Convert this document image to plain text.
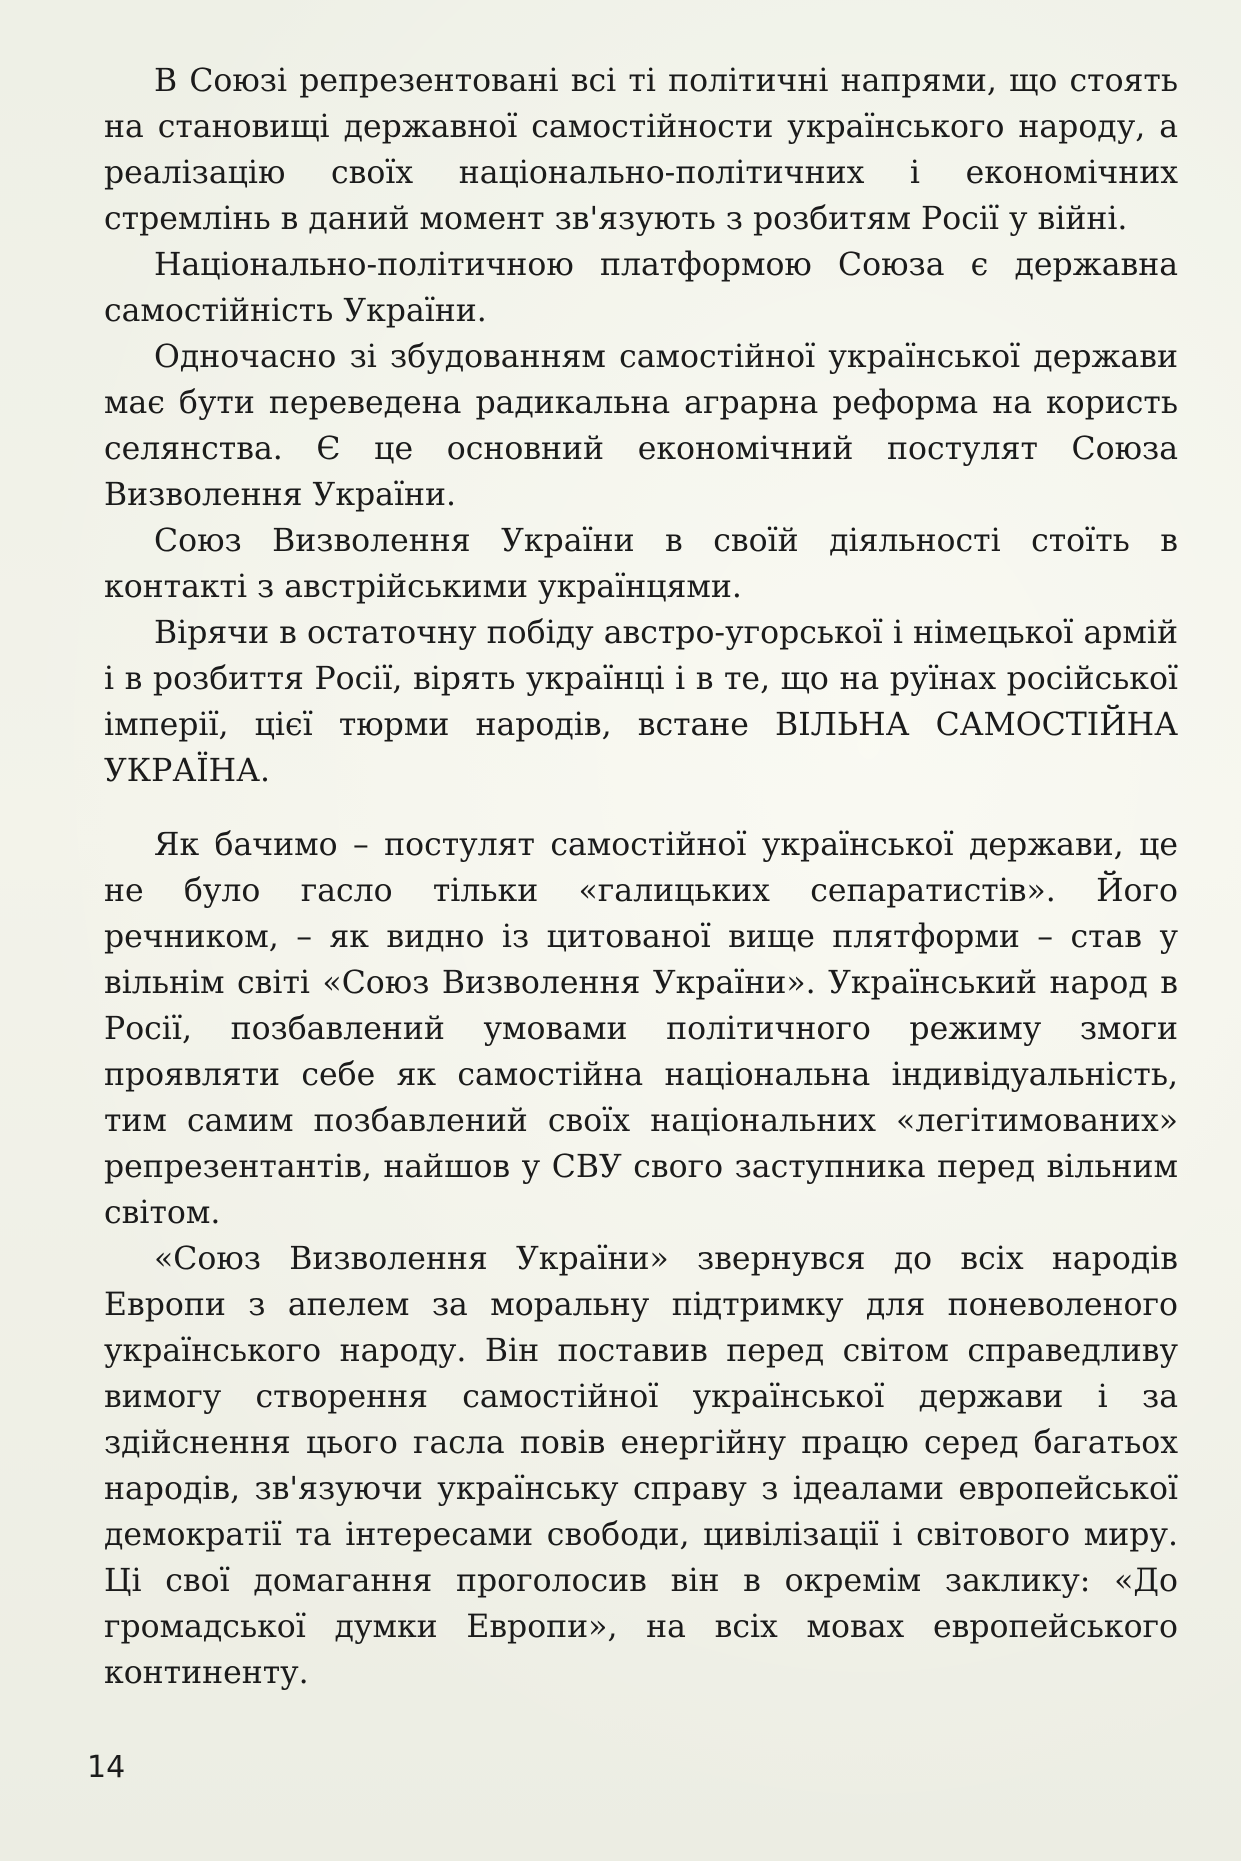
В Союзі репрезентовані всі ті політичні напрями, що стоять на становищі державної самостійности українського народу, а реалізацію своїх національно-політичних і економічних стремлінь в даний момент зв'язують з розбитям Росії у війні.

Національно-політичною платформою Союза є державна самостійність України.

Одночасно зі збудованням самостійної української держави має бути переведена радикальна аграрна реформа на користь селянства. Є це основний економічний постулят Союза Визволення України.

Союз Визволення України в своїй діяльності стоїть в контакті з австрійськими українцями.

Вірячи в остаточну побіду австро-угорської і німецької армій і в розбиття Росії, вірять українці і в те, що на руїнах російської імперії, цієї тюрми народів, встане ВІЛЬНА САМОСТІЙНА УКРАЇНА.

Як бачимо – постулят самостійної української держави, це не було гасло тільки «галицьких сепаратистів». Його речником, – як видно із цитованої вище плятформи – став у вільнім світі «Союз Визволення України». Український народ в Росії, позбавлений умовами політичного режиму змоги проявляти себе як самостійна національна індивідуальність, тим самим позбавлений своїх національних «легітимованих» репрезентантів, найшов у СВУ свого заступника перед вільним світом.

«Союз Визволення України» звернувся до всіх народів Европи з апелем за моральну підтримку для поневоленого українського народу. Він поставив перед світом справедливу вимогу створення самостійної української держави і за здійснення цього гасла повів енергійну працю серед багатьох народів, зв'язуючи українську справу з ідеалами европейської демократії та інтересами свободи, цивілізації і світового миру. Ці свої домагання проголосив він в окремім заклику: «До громадської думки Европи», на всіх мовах европейського континенту.

14
